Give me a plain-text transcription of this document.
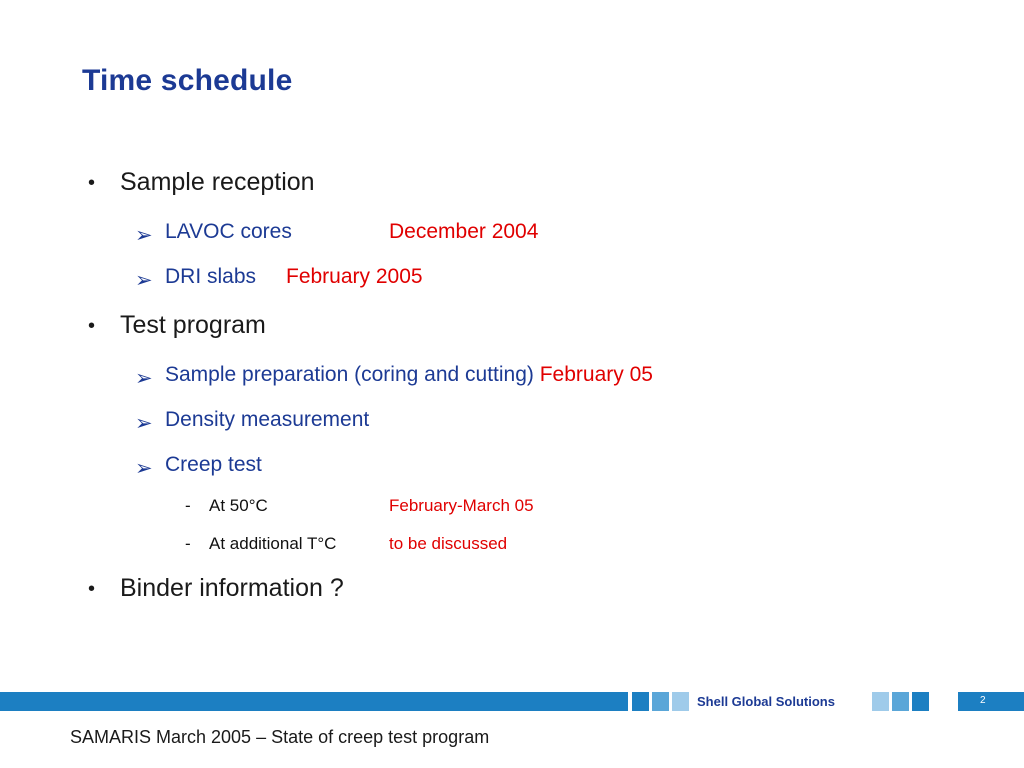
Time schedule
• Sample reception
➢ LAVOC cores	December 2004
➢ DRI slabs February 2005
• Test program
➢ Sample preparation (coring and cutting) February 05
➢ Density measurement
➢ Creep test
- At 50°C	February-March 05
- At additional T°C	to be discussed
• Binder information ?
Shell Global Solutions	2
SAMARIS March 2005 – State of creep test program
